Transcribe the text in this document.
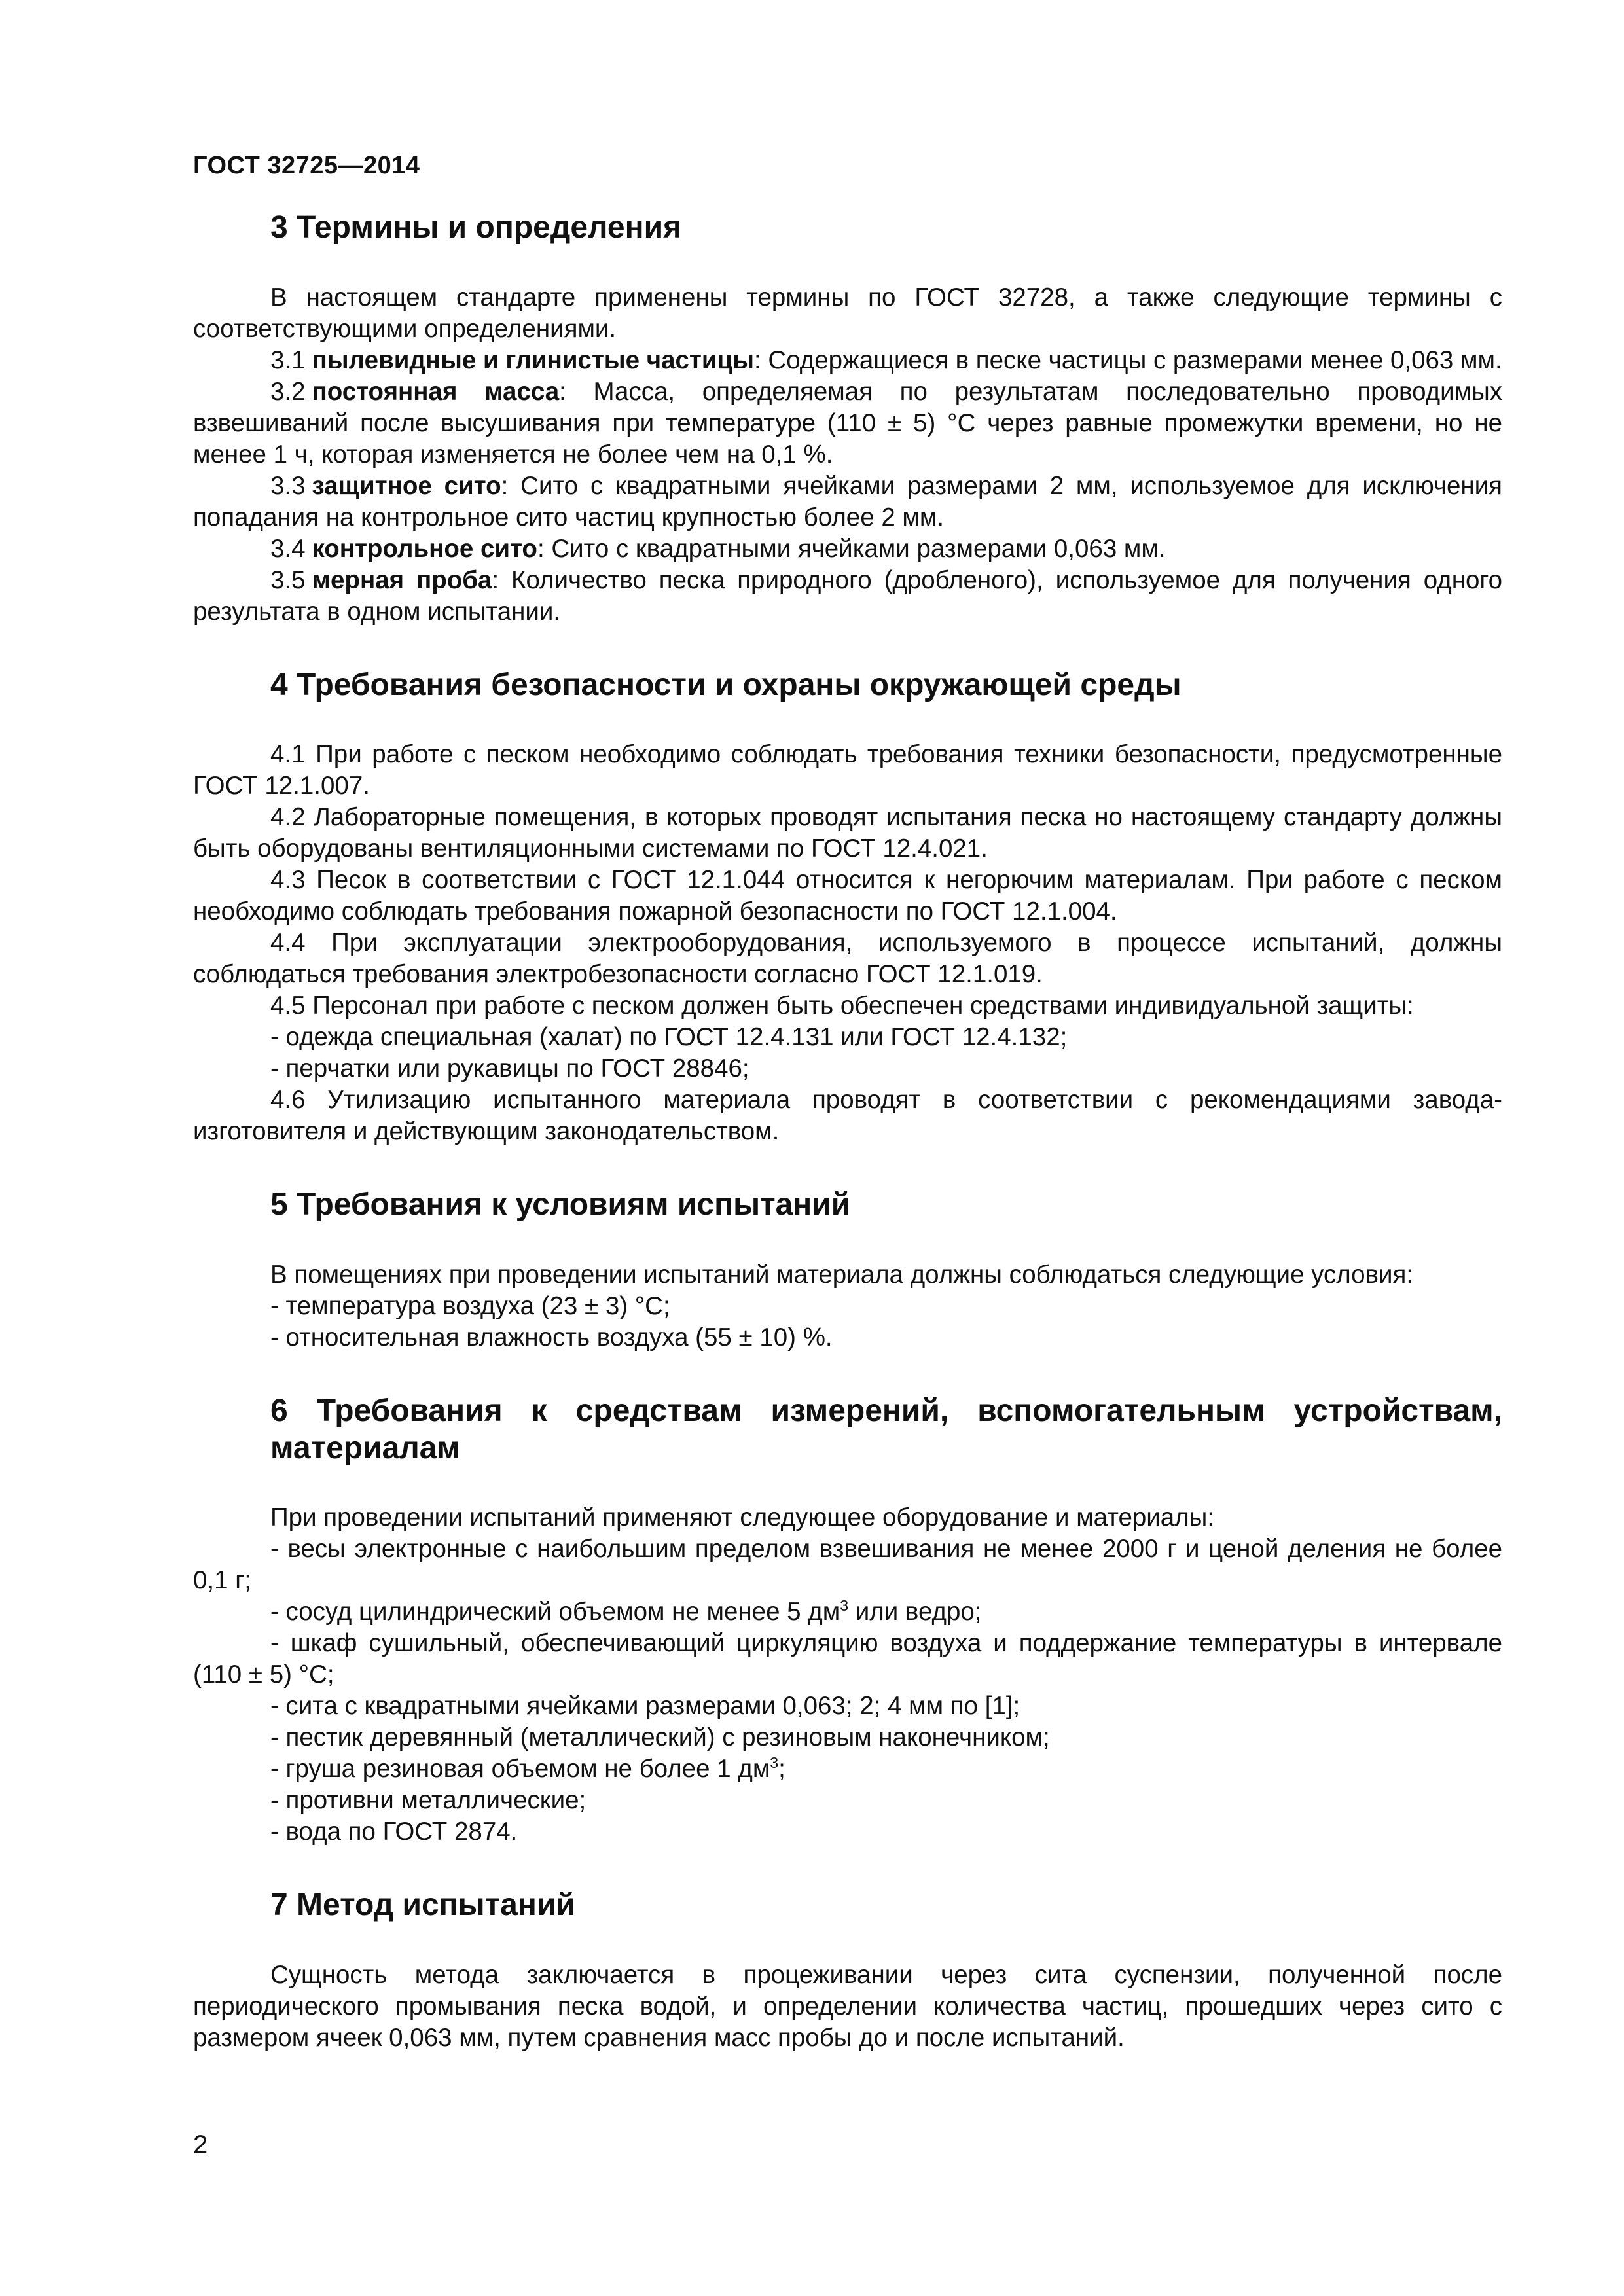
ГОСТ 32725—2014
3 Термины и определения

В настоящем стандарте применены термины по ГОСТ 32728, а также следующие термины с соответствующими определениями.

3.1 пылевидные и глинистые частицы: Содержащиеся в песке частицы с размерами менее 0,063 мм.

3.2 постоянная масса: Масса, определяемая по результатам последовательно проводимых взвешиваний после высушивания при температуре (110 ± 5) °С через равные промежутки времени, но не менее 1 ч, которая изменяется не более чем на 0,1 %.

3.3 защитное сито: Сито с квадратными ячейками размерами 2 мм, используемое для исключения попадания на контрольное сито частиц крупностью более 2 мм.

3.4 контрольное сито: Сито с квадратными ячейками размерами 0,063 мм.

3.5 мерная проба: Количество песка природного (дробленого), используемое для получения одного результата в одном испытании.

4 Требования безопасности и охраны окружающей среды

4.1 При работе с песком необходимо соблюдать требования техники безопасности, предусмотренные ГОСТ 12.1.007.

4.2 Лабораторные помещения, в которых проводят испытания песка но настоящему стандарту должны быть оборудованы вентиляционными системами по ГОСТ 12.4.021.

4.3 Песок в соответствии с ГОСТ 12.1.044 относится к негорючим материалам. При работе с песком необходимо соблюдать требования пожарной безопасности по ГОСТ 12.1.004.

4.4 При эксплуатации электрооборудования, используемого в процессе испытаний, должны соблюдаться требования электробезопасности согласно ГОСТ 12.1.019.

4.5 Персонал при работе с песком должен быть обеспечен средствами индивидуальной защиты:

- одежда специальная (халат) по ГОСТ 12.4.131 или ГОСТ 12.4.132;

- перчатки или рукавицы по ГОСТ 28846;

4.6 Утилизацию испытанного материала проводят в соответствии с рекомендациями завода-изготовителя и действующим законодательством.

5 Требования к условиям испытаний

В помещениях при проведении испытаний материала должны соблюдаться следующие условия:

- температура воздуха (23 ± 3) °С;

- относительная влажность воздуха (55 ± 10) %.

6 Требования к средствам измерений, вспомогательным устройствам, материалам

При проведении испытаний применяют следующее оборудование и материалы:

- весы электронные с наибольшим пределом взвешивания не менее 2000 г и ценой деления не более 0,1 г;

- сосуд цилиндрический объемом не менее 5 $дм^3$ или ведро;

- шкаф сушильный, обеспечивающий циркуляцию воздуха и поддержание температуры в интервале (110 ± 5) °С;

- сита с квадратными ячейками размерами 0,063; 2; 4 мм по [1];

- пестик деревянный (металлический) с резиновым наконечником;

- груша резиновая объемом не более 1 $дм^3$;

- противни металлические;

- вода по ГОСТ 2874.

7 Метод испытаний

Сущность метода заключается в процеживании через сита суспензии, полученной после периодического промывания песка водой, и определении количества частиц, прошедших через сито с размером ячеек 0,063 мм, путем сравнения масс пробы до и после испытаний.

2
